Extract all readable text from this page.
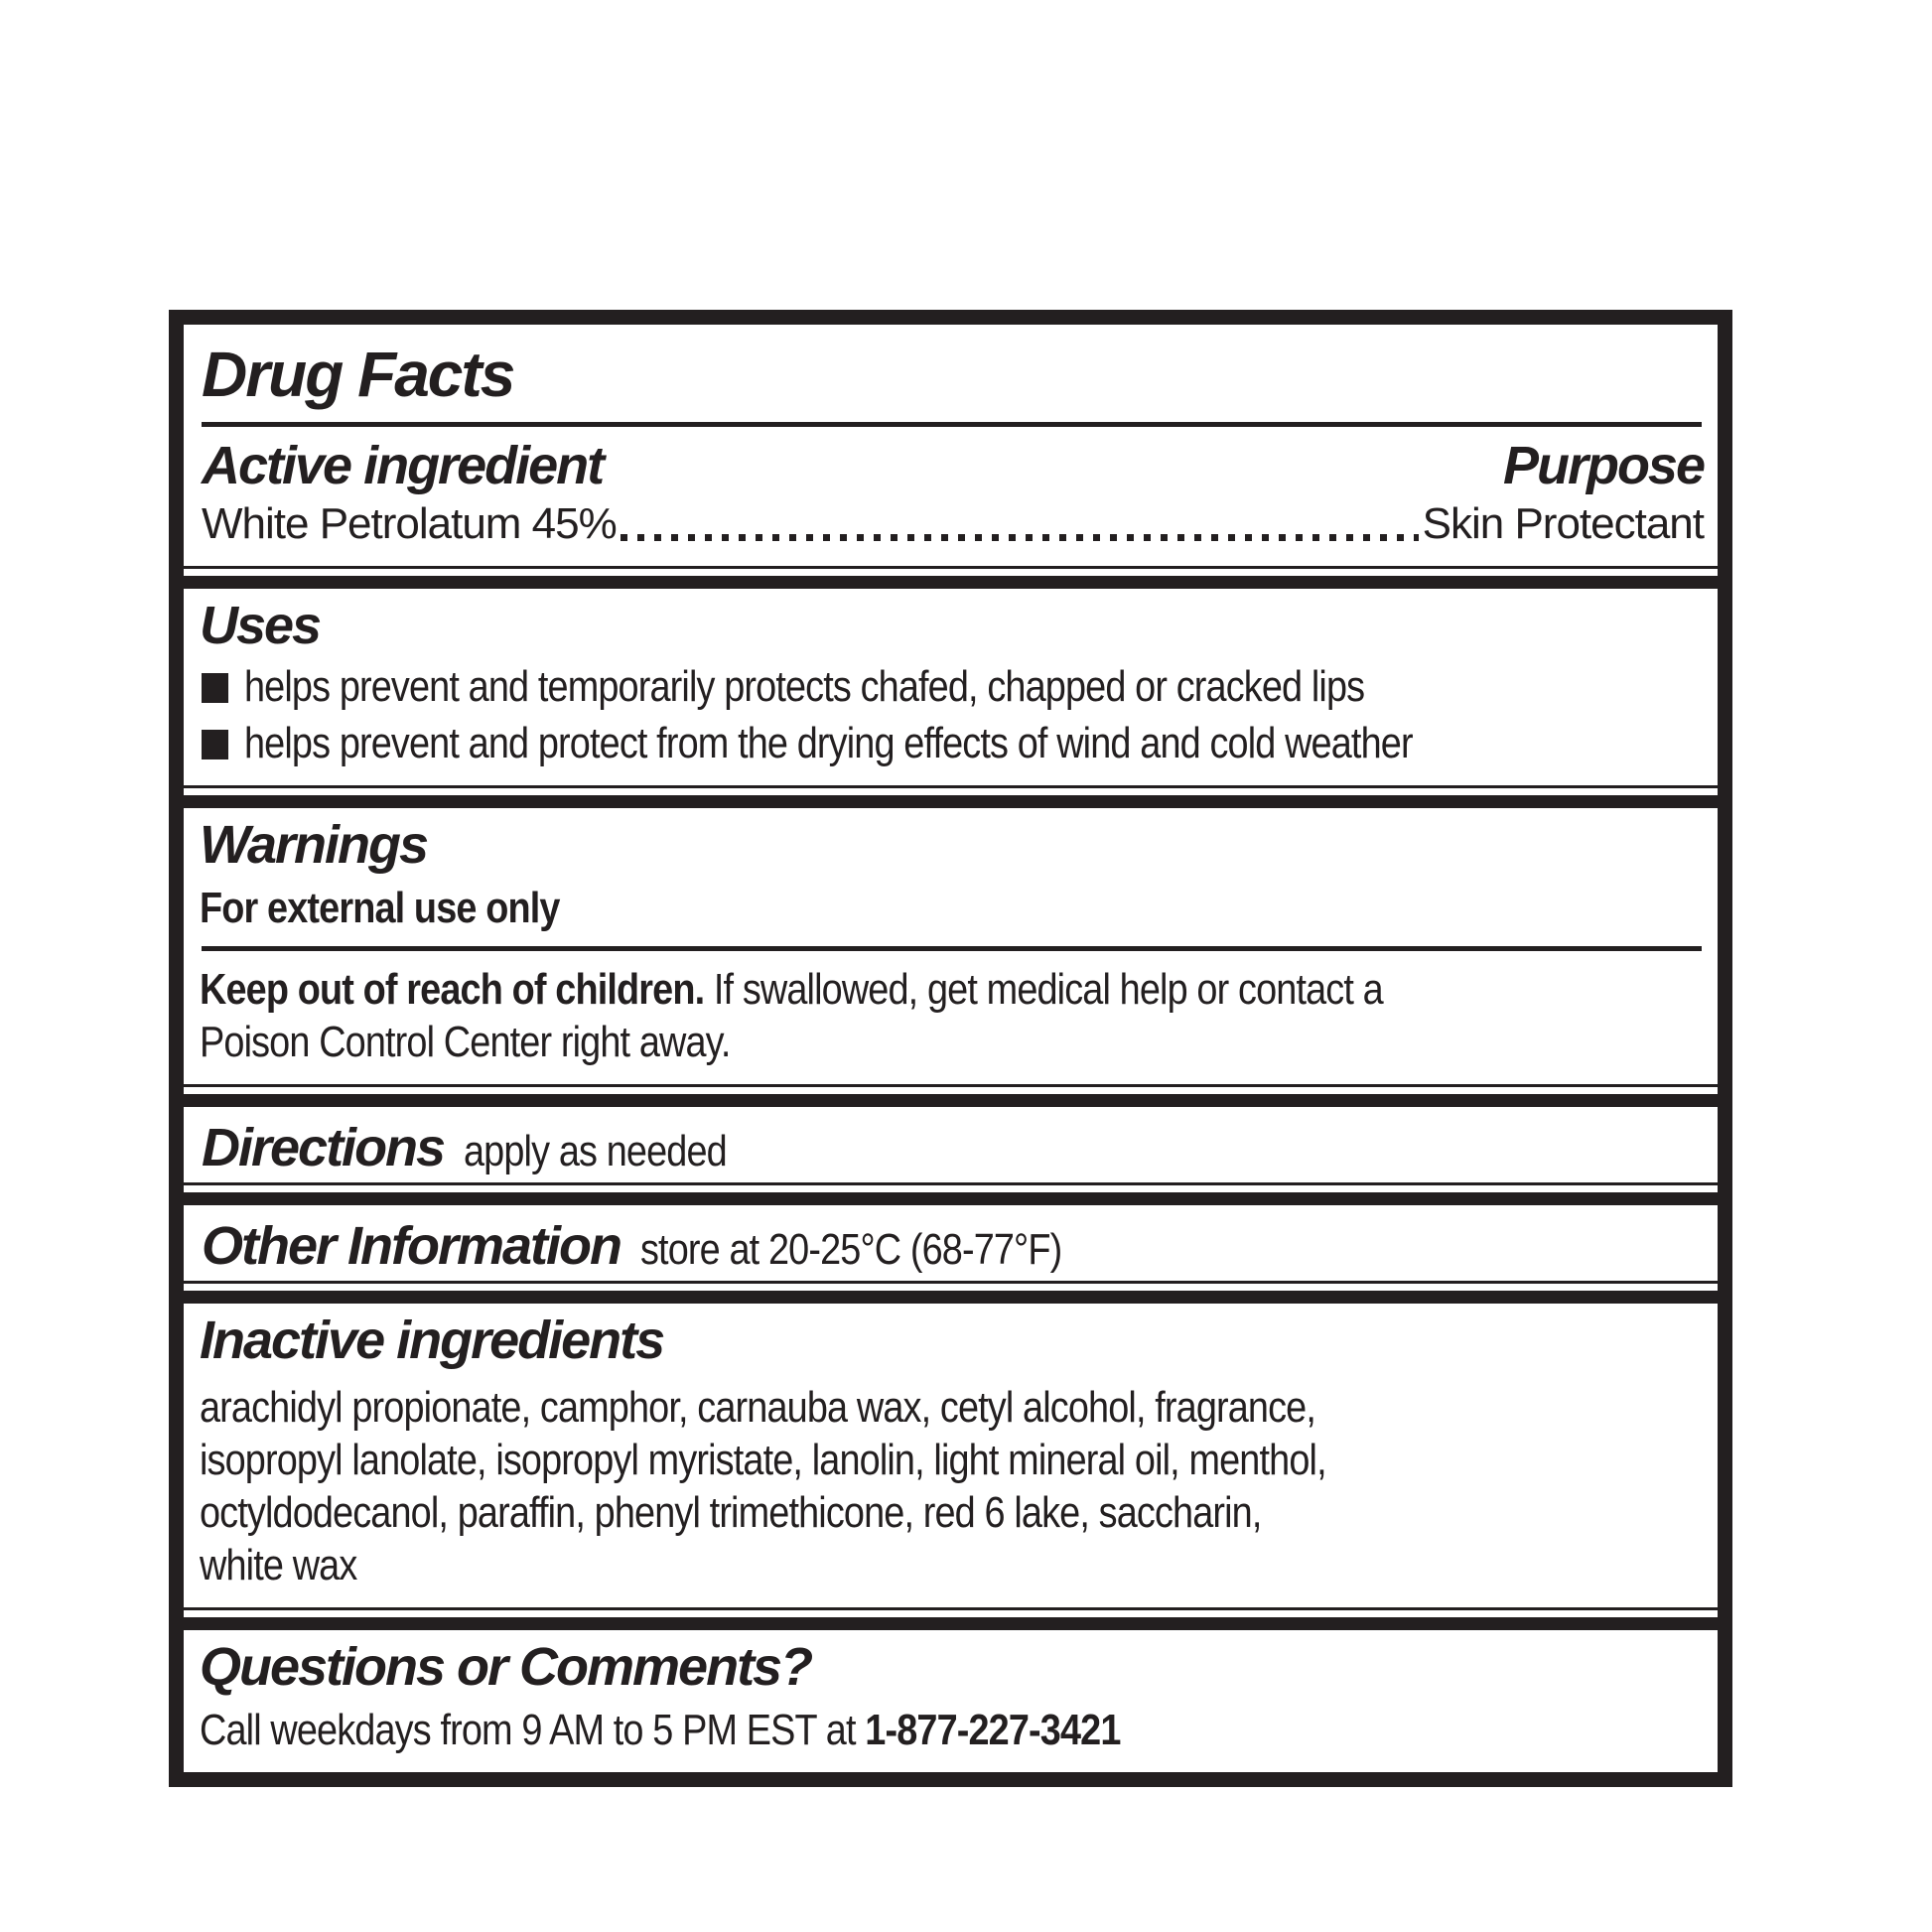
Drug Facts
Active ingredient	Purpose
White Petrolatum 45%	Skin Protectant
Uses
helps prevent and temporarily protects chafed, chapped or cracked lips
helps prevent and protect from the drying effects of wind and cold weather
Warnings
For external use only
Keep out of reach of children. If swallowed, get medical help or contact a
Poison Control Center right away.
Directions apply as needed
Other Information store at 20-25°C (68-77°F)
Inactive ingredients
arachidyl propionate, camphor, carnauba wax, cetyl alcohol, fragrance,
isopropyl lanolate, isopropyl myristate, lanolin, light mineral oil, menthol,
octyldodecanol, paraffin, phenyl trimethicone, red 6 lake, saccharin,
white wax
Questions or Comments?
Call weekdays from 9 AM to 5 PM EST at 1-877-227-3421
